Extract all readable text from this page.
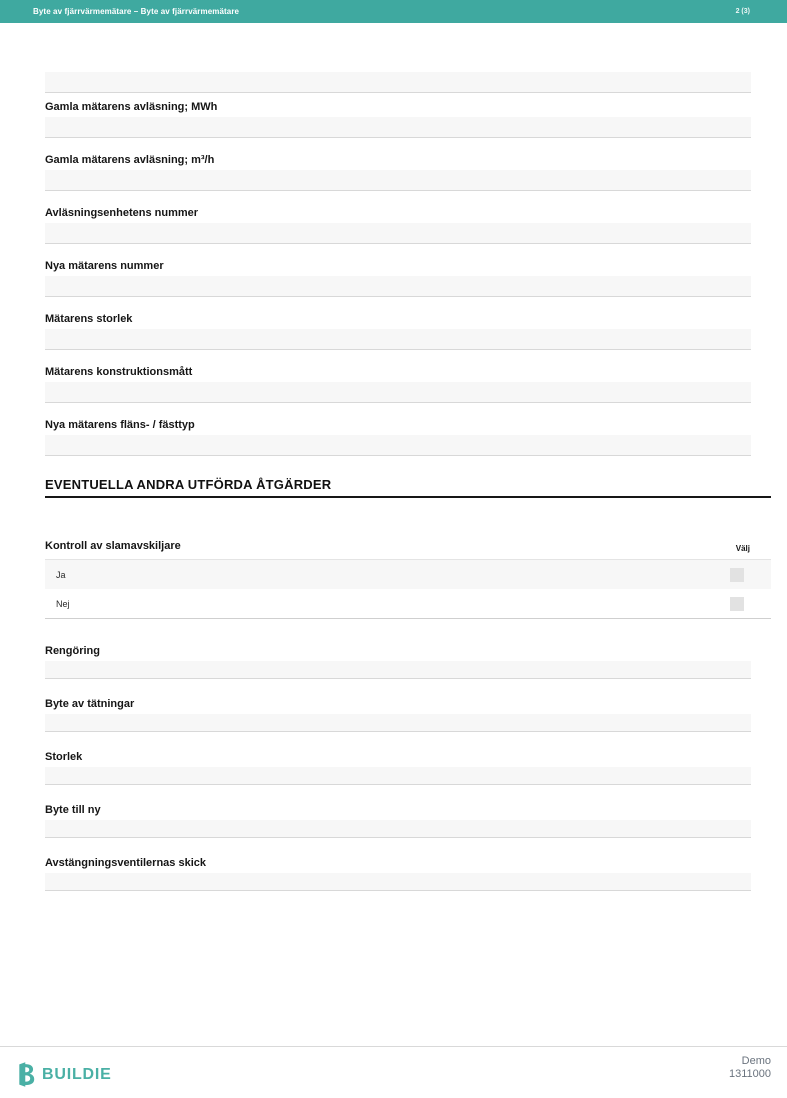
Byte av fjärrvärmemätare – Byte av fjärrvärmemätare	2 (3)
Gamla mätarens avläsning; MWh
Gamla mätarens avläsning; m³/h
Avläsningsenhetens nummer
Nya mätarens nummer
Mätarens storlek
Mätarens konstruktionsmått
Nya mätarens fläns- / fästtyp
EVENTUELLA ANDRA UTFÖRDA ÅTGÄRDER
Kontroll av slamavskiljare	Välj
Ja
Nej
Rengöring
Byte av tätningar
Storlek
Byte till ny
Avstängningsventilernas skick
BUILDIE
Demo
1311000
